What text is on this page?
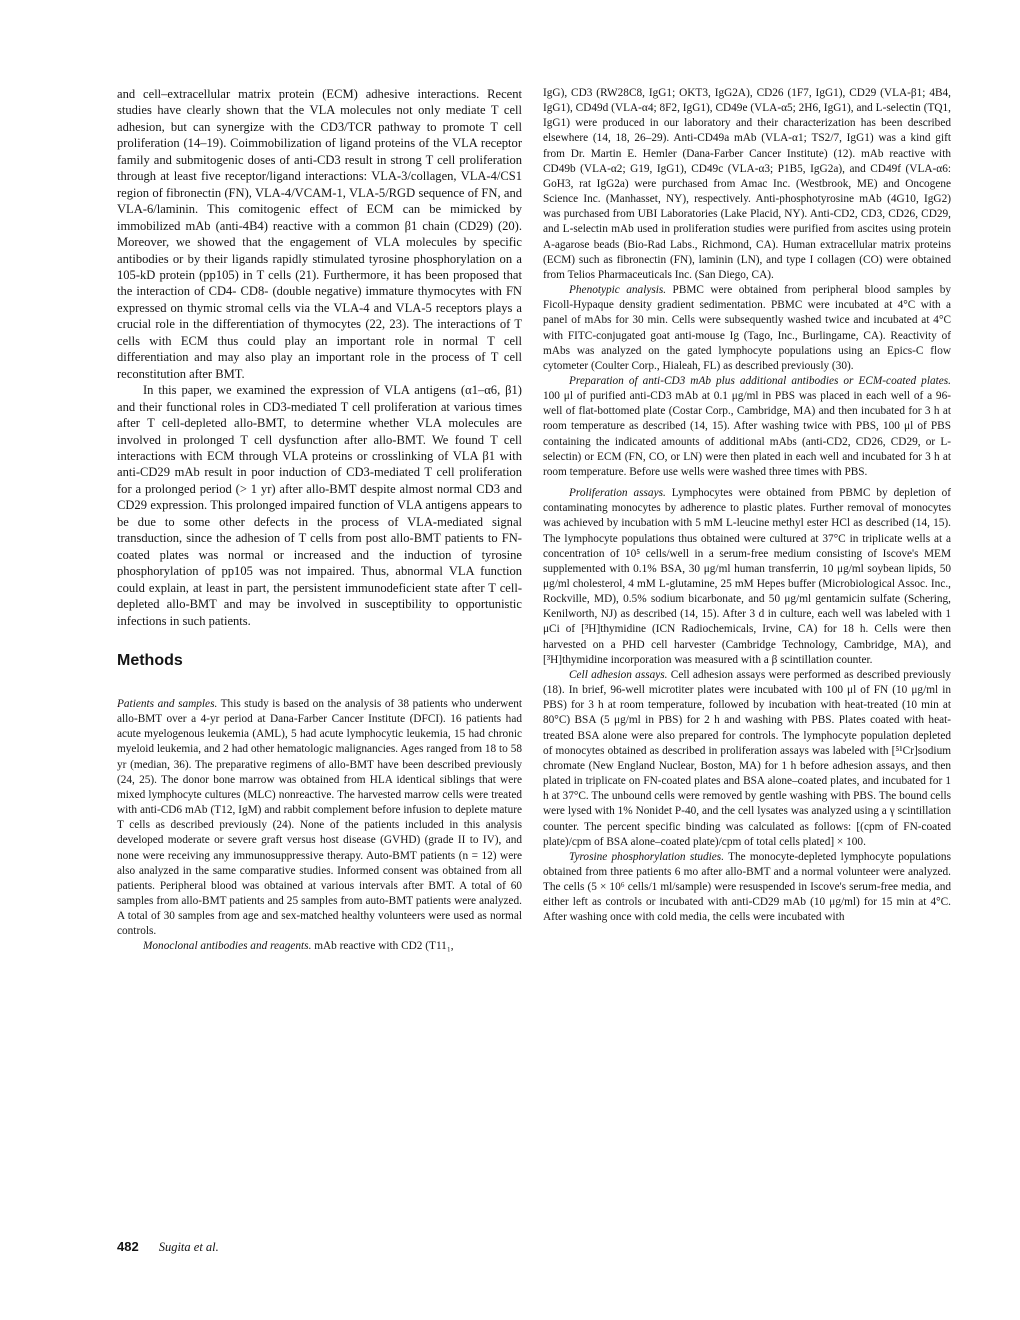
and cell–extracellular matrix protein (ECM) adhesive interactions. Recent studies have clearly shown that the VLA molecules not only mediate T cell adhesion, but can synergize with the CD3/TCR pathway to promote T cell proliferation (14–19). Coimmobilization of ligand proteins of the VLA receptor family and submitogenic doses of anti-CD3 result in strong T cell proliferation through at least five receptor/ligand interactions: VLA-3/collagen, VLA-4/CS1 region of fibronectin (FN), VLA-4/VCAM-1, VLA-5/RGD sequence of FN, and VLA-6/laminin. This comitogenic effect of ECM can be mimicked by immobilized mAb (anti-4B4) reactive with a common β1 chain (CD29) (20). Moreover, we showed that the engagement of VLA molecules by specific antibodies or by their ligands rapidly stimulated tyrosine phosphorylation on a 105-kD protein (pp105) in T cells (21). Furthermore, it has been proposed that the interaction of CD4- CD8- (double negative) immature thymocytes with FN expressed on thymic stromal cells via the VLA-4 and VLA-5 receptors plays a crucial role in the differentiation of thymocytes (22, 23). The interactions of T cells with ECM thus could play an important role in normal T cell differentiation and may also play an important role in the process of T cell reconstitution after BMT.

In this paper, we examined the expression of VLA antigens (α1–α6, β1) and their functional roles in CD3-mediated T cell proliferation at various times after T cell-depleted allo-BMT, to determine whether VLA molecules are involved in prolonged T cell dysfunction after allo-BMT. We found T cell interactions with ECM through VLA proteins or crosslinking of VLA β1 with anti-CD29 mAb result in poor induction of CD3-mediated T cell proliferation for a prolonged period (> 1 yr) after allo-BMT despite almost normal CD3 and CD29 expression. This prolonged impaired function of VLA antigens appears to be due to some other defects in the process of VLA-mediated signal transduction, since the adhesion of T cells from post allo-BMT patients to FN-coated plates was normal or increased and the induction of tyrosine phosphorylation of pp105 was not impaired. Thus, abnormal VLA function could explain, at least in part, the persistent immunodeficient state after T cell-depleted allo-BMT and may be involved in susceptibility to opportunistic infections in such patients.

Methods

Patients and samples. This study is based on the analysis of 38 patients who underwent allo-BMT over a 4-yr period at Dana-Farber Cancer Institute (DFCI). 16 patients had acute myelogenous leukemia (AML), 5 had acute lymphocytic leukemia, 15 had chronic myeloid leukemia, and 2 had other hematologic malignancies. Ages ranged from 18 to 58 yr (median, 36). The preparative regimens of allo-BMT have been described previously (24, 25). The donor bone marrow was obtained from HLA identical siblings that were mixed lymphocyte cultures (MLC) nonreactive. The harvested marrow cells were treated with anti-CD6 mAb (T12, IgM) and rabbit complement before infusion to deplete mature T cells as described previously (24). None of the patients included in this analysis developed moderate or severe graft versus host disease (GVHD) (grade II to IV), and none were receiving any immunosuppressive therapy. Auto-BMT patients (n = 12) were also analyzed in the same comparative studies. Informed consent was obtained from all patients. Peripheral blood was obtained at various intervals after BMT. A total of 60 samples from allo-BMT patients and 25 samples from auto-BMT patients were analyzed. A total of 30 samples from age and sex-matched healthy volunteers were used as normal controls.

Monoclonal antibodies and reagents. mAb reactive with CD2 (T11₁,

IgG), CD3 (RW28C8, IgG1; OKT3, IgG2A), CD26 (1F7, IgG1), CD29 (VLA-β1; 4B4, IgG1), CD49d (VLA-α4; 8F2, IgG1), CD49e (VLA-α5; 2H6, IgG1), and L-selectin (TQ1, IgG1) were produced in our laboratory and their characterization has been described elsewhere (14, 18, 26–29). Anti-CD49a mAb (VLA-α1; TS2/7, IgG1) was a kind gift from Dr. Martin E. Hemler (Dana-Farber Cancer Institute) (12). mAb reactive with CD49b (VLA-α2; G19, IgG1), CD49c (VLA-α3; P1B5, IgG2a), and CD49f (VLA-α6: GoH3, rat IgG2a) were purchased from Amac Inc. (Westbrook, ME) and Oncogene Science Inc. (Manhasset, NY), respectively. Anti-phosphotyrosine mAb (4G10, IgG2) was purchased from UBI Laboratories (Lake Placid, NY). Anti-CD2, CD3, CD26, CD29, and L-selectin mAb used in proliferation studies were purified from ascites using protein A-agarose beads (Bio-Rad Labs., Richmond, CA). Human extracellular matrix proteins (ECM) such as fibronectin (FN), laminin (LN), and type I collagen (CO) were obtained from Telios Pharmaceuticals Inc. (San Diego, CA).

Phenotypic analysis. PBMC were obtained from peripheral blood samples by Ficoll-Hypaque density gradient sedimentation. PBMC were incubated at 4°C with a panel of mAbs for 30 min. Cells were subsequently washed twice and incubated at 4°C with FITC-conjugated goat anti-mouse Ig (Tago, Inc., Burlingame, CA). Reactivity of mAbs was analyzed on the gated lymphocyte populations using an Epics-C flow cytometer (Coulter Corp., Hialeah, FL) as described previously (30).

Preparation of anti-CD3 mAb plus additional antibodies or ECM-coated plates. 100 μl of purified anti-CD3 mAb at 0.1 μg/ml in PBS was placed in each well of a 96-well of flat-bottomed plate (Costar Corp., Cambridge, MA) and then incubated for 3 h at room temperature as described (14, 15). After washing twice with PBS, 100 μl of PBS containing the indicated amounts of additional mAbs (anti-CD2, CD26, CD29, or L-selectin) or ECM (FN, CO, or LN) were then plated in each well and incubated for 3 h at room temperature. Before use wells were washed three times with PBS.

Proliferation assays. Lymphocytes were obtained from PBMC by depletion of contaminating monocytes by adherence to plastic plates. Further removal of monocytes was achieved by incubation with 5 mM L-leucine methyl ester HCl as described (14, 15). The lymphocyte populations thus obtained were cultured at 37°C in triplicate wells at a concentration of 10⁵ cells/well in a serum-free medium consisting of Iscove's MEM supplemented with 0.1% BSA, 30 μg/ml human transferrin, 10 μg/ml soybean lipids, 50 μg/ml cholesterol, 4 mM L-glutamine, 25 mM Hepes buffer (Microbiological Assoc. Inc., Rockville, MD), 0.5% sodium bicarbonate, and 50 μg/ml gentamicin sulfate (Schering, Kenilworth, NJ) as described (14, 15). After 3 d in culture, each well was labeled with 1 μCi of [³H]thymidine (ICN Radiochemicals, Irvine, CA) for 18 h. Cells were then harvested on a PHD cell harvester (Cambridge Technology, Cambridge, MA), and [³H]thymidine incorporation was measured with a β scintillation counter.

Cell adhesion assays. Cell adhesion assays were performed as described previously (18). In brief, 96-well microtiter plates were incubated with 100 μl of FN (10 μg/ml in PBS) for 3 h at room temperature, followed by incubation with heat-treated (10 min at 80°C) BSA (5 μg/ml in PBS) for 2 h and washing with PBS. Plates coated with heat-treated BSA alone were also prepared for controls. The lymphocyte population depleted of monocytes obtained as described in proliferation assays was labeled with [⁵¹Cr]sodium chromate (New England Nuclear, Boston, MA) for 1 h before adhesion assays, and then plated in triplicate on FN-coated plates and BSA alone–coated plates, and incubated for 1 h at 37°C. The unbound cells were removed by gentle washing with PBS. The bound cells were lysed with 1% Nonidet P-40, and the cell lysates was analyzed using a γ scintillation counter. The percent specific binding was calculated as follows: [(cpm of FN-coated plate)/cpm of BSA alone–coated plate)/cpm of total cells plated] × 100.

Tyrosine phosphorylation studies. The monocyte-depleted lymphocyte populations obtained from three patients 6 mo after allo-BMT and a normal volunteer were analyzed. The cells (5 × 10⁶ cells/1 ml/sample) were resuspended in Iscove's serum-free media, and either left as controls or incubated with anti-CD29 mAb (10 μg/ml) for 15 min at 4°C. After washing once with cold media, the cells were incubated with

482 Sugita et al.
